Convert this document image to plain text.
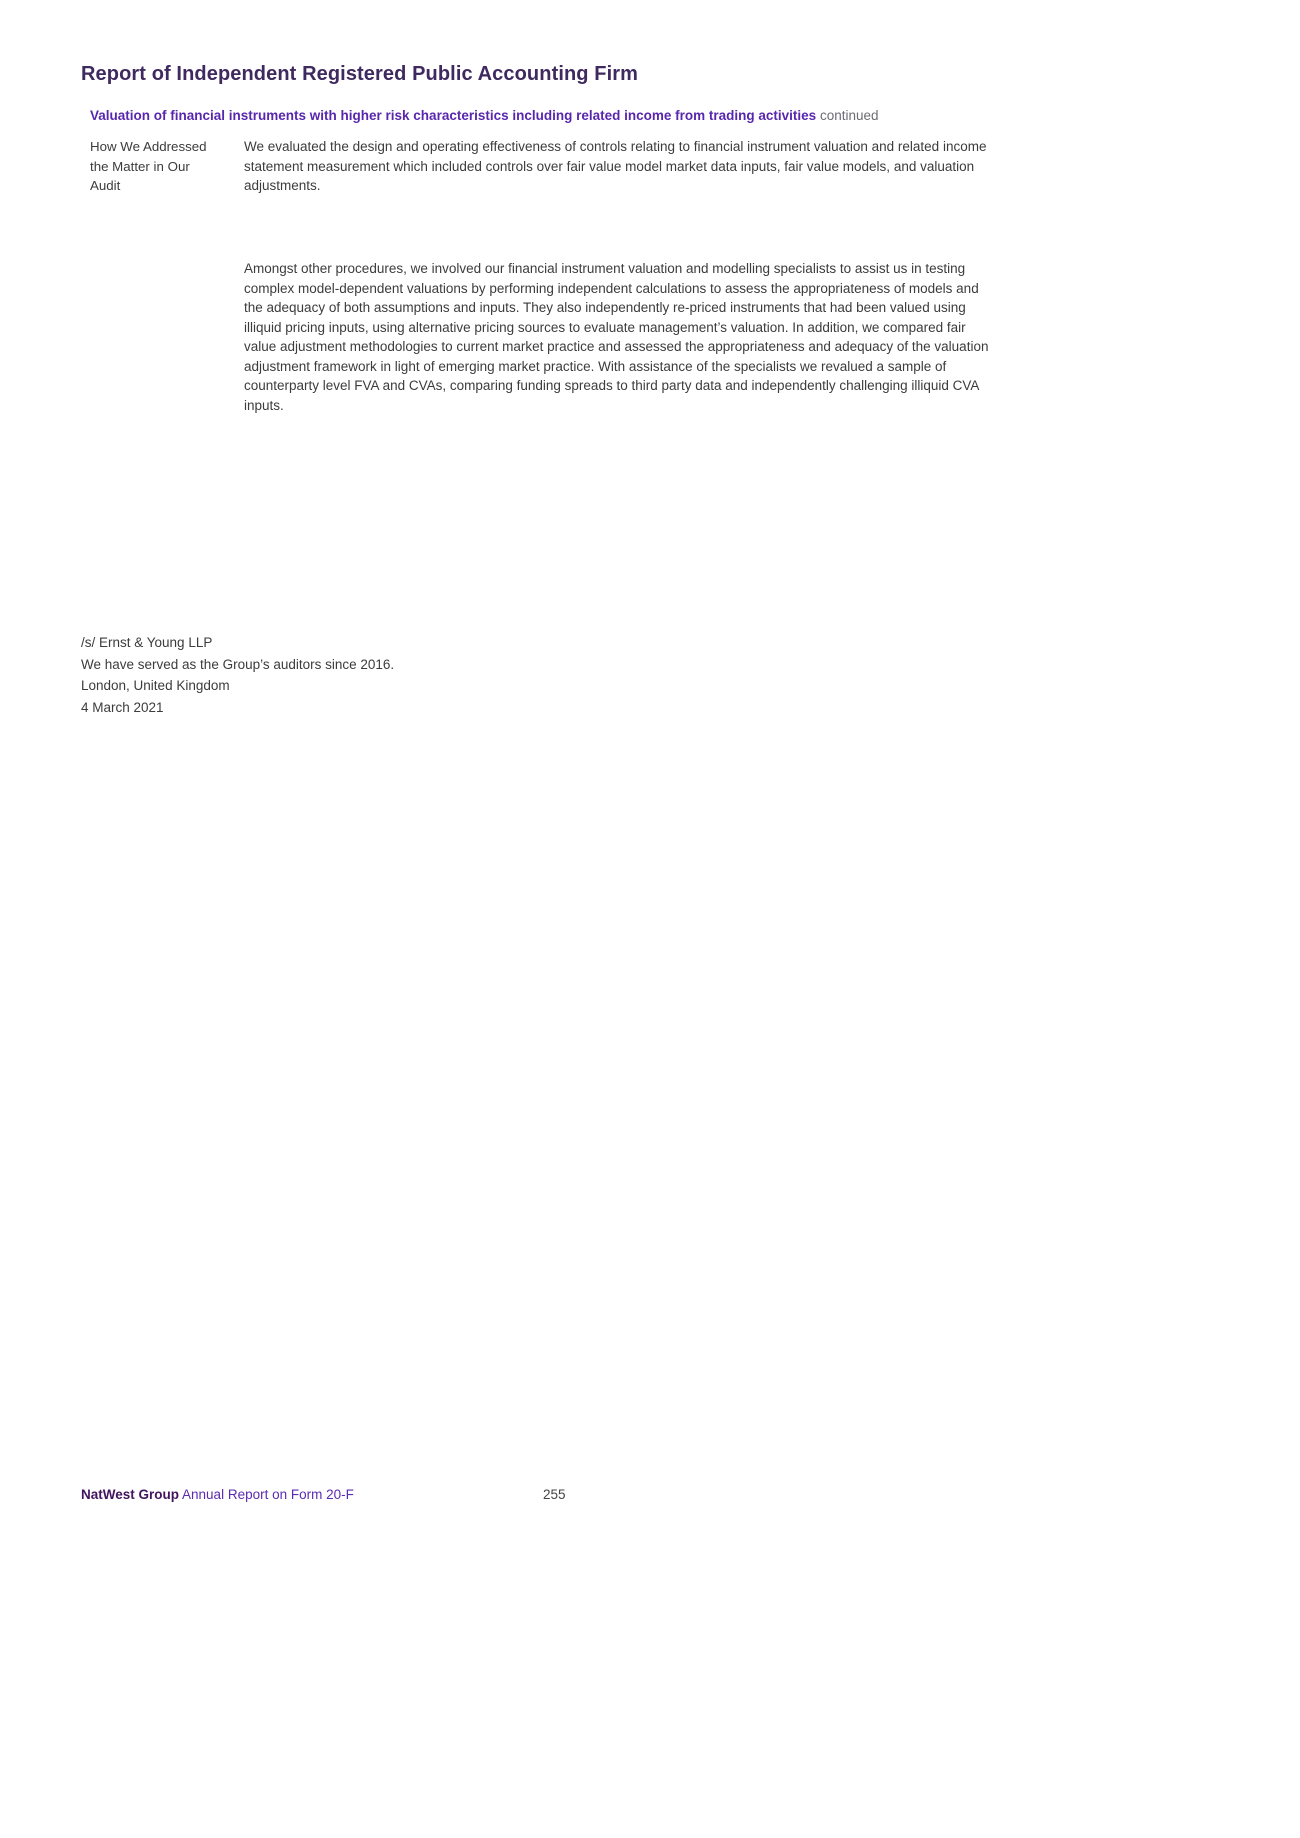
Report of Independent Registered Public Accounting Firm
Valuation of financial instruments with higher risk characteristics including related income from trading activities continued
How We Addressed the Matter in Our Audit

We evaluated the design and operating effectiveness of controls relating to financial instrument valuation and related income statement measurement which included controls over fair value model market data inputs, fair value models, and valuation adjustments.

Amongst other procedures, we involved our financial instrument valuation and modelling specialists to assist us in testing complex model-dependent valuations by performing independent calculations to assess the appropriateness of models and the adequacy of both assumptions and inputs. They also independently re-priced instruments that had been valued using illiquid pricing inputs, using alternative pricing sources to evaluate management’s valuation. In addition, we compared fair value adjustment methodologies to current market practice and assessed the appropriateness and adequacy of the valuation adjustment framework in light of emerging market practice. With assistance of the specialists we revalued a sample of counterparty level FVA and CVAs, comparing funding spreads to third party data and independently challenging illiquid CVA inputs.

/s/ Ernst & Young LLP
We have served as the Group’s auditors since 2016.
London, United Kingdom
4 March 2021
NatWest Group Annual Report on Form 20-F	255
